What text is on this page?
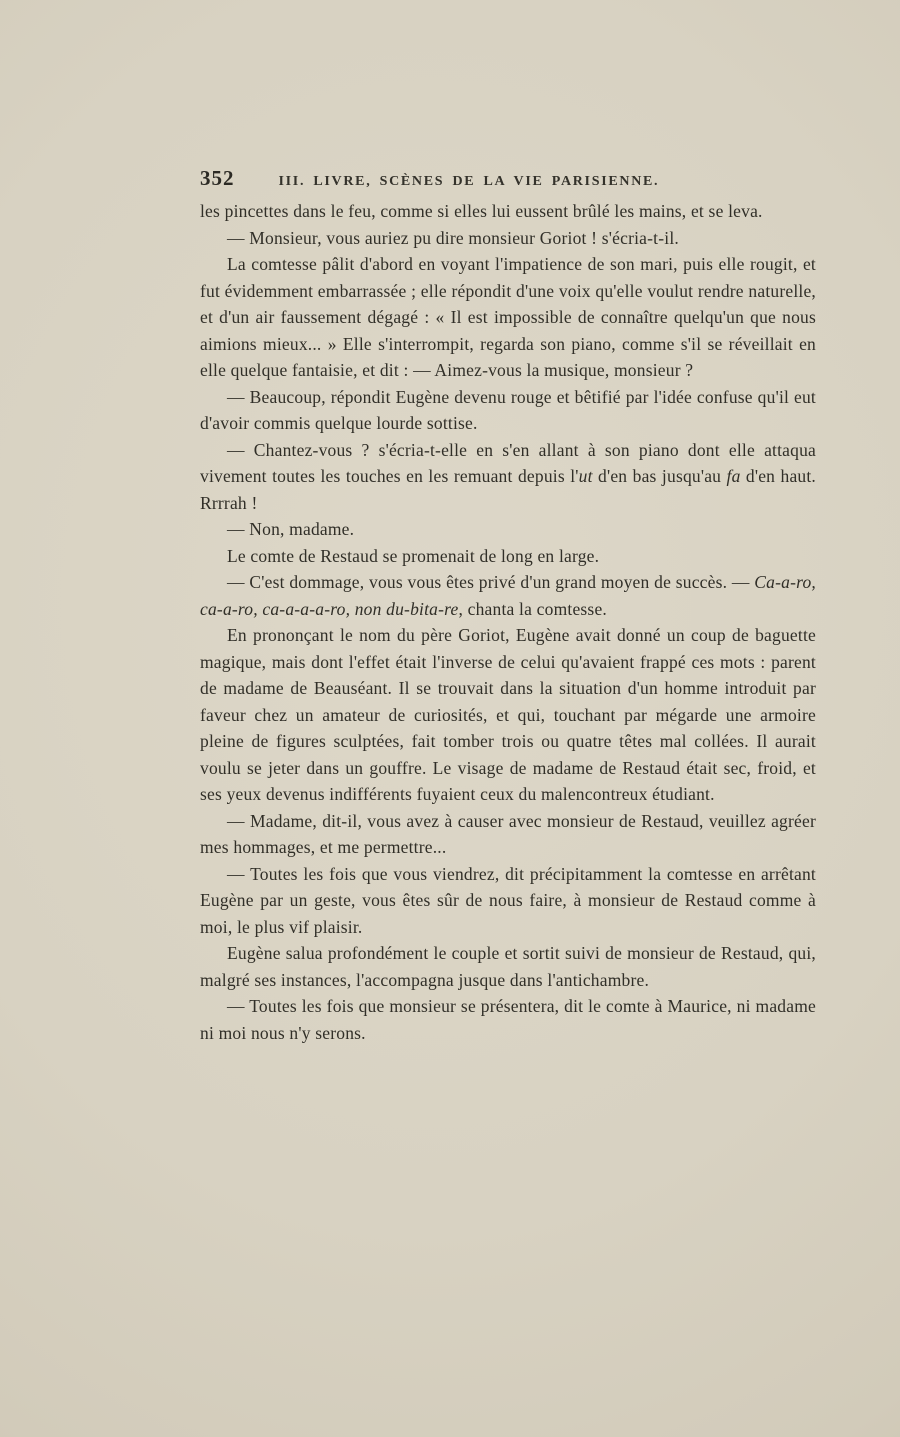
352	III. LIVRE, SCÈNES DE LA VIE PARISIENNE.

les pincettes dans le feu, comme si elles lui eussent brûlé les mains, et se leva.

— Monsieur, vous auriez pu dire monsieur Goriot ! s'écria-t-il.

La comtesse pâlit d'abord en voyant l'impatience de son mari, puis elle rougit, et fut évidemment embarrassée ; elle répondit d'une voix qu'elle voulut rendre naturelle, et d'un air faussement dégagé : « Il est impossible de connaître quelqu'un que nous aimions mieux... » Elle s'interrompit, regarda son piano, comme s'il se réveillait en elle quelque fantaisie, et dit : — Aimez-vous la musique, monsieur ?

— Beaucoup, répondit Eugène devenu rouge et bêtifié par l'idée confuse qu'il eut d'avoir commis quelque lourde sottise.

— Chantez-vous ? s'écria-t-elle en s'en allant à son piano dont elle attaqua vivement toutes les touches en les remuant depuis l'ut d'en bas jusqu'au fa d'en haut. Rrrrah !

— Non, madame.

Le comte de Restaud se promenait de long en large.

— C'est dommage, vous vous êtes privé d'un grand moyen de succès. — Ca-a-ro, ca-a-ro, ca-a-a-a-ro, non du-bita-re, chanta la comtesse.

En prononçant le nom du père Goriot, Eugène avait donné un coup de baguette magique, mais dont l'effet était l'inverse de celui qu'avaient frappé ces mots : parent de madame de Beauséant. Il se trouvait dans la situation d'un homme introduit par faveur chez un amateur de curiosités, et qui, touchant par mégarde une armoire pleine de figures sculptées, fait tomber trois ou quatre têtes mal collées. Il aurait voulu se jeter dans un gouffre. Le visage de madame de Restaud était sec, froid, et ses yeux devenus indifférents fuyaient ceux du malencontreux étudiant.

— Madame, dit-il, vous avez à causer avec monsieur de Restaud, veuillez agréer mes hommages, et me permettre...

— Toutes les fois que vous viendrez, dit précipitamment la comtesse en arrêtant Eugène par un geste, vous êtes sûr de nous faire, à monsieur de Restaud comme à moi, le plus vif plaisir.

Eugène salua profondément le couple et sortit suivi de monsieur de Restaud, qui, malgré ses instances, l'accompagna jusque dans l'antichambre.

— Toutes les fois que monsieur se présentera, dit le comte à Maurice, ni madame ni moi nous n'y serons.
